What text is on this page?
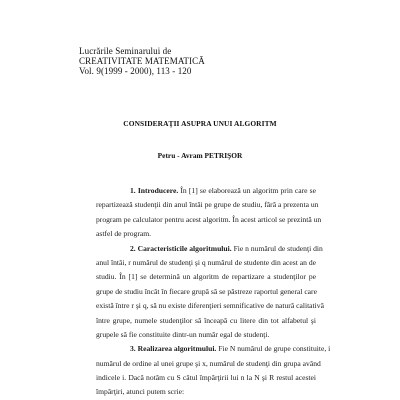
Lucrările Seminarului de
CREATIVITATE MATEMATICĂ
Vol. 9(1999 - 2000), 113 - 120
CONSIDERAŢII ASUPRA UNUI ALGORITM
Petru - Avram PETRIŞOR
1. Introducere. În [1] se elaborează un algoritm prin care se
repartizează studenţii din anul întâi pe grupe de studiu, fără a prezenta un
program pe calculator pentru acest algoritm. În acest articol se prezintă un
astfel de program.
2. Caracteristicile algoritmului. Fie n numărul de studenţi din
anul întâi, r numărul de studenţi şi q numărul de studente din acest an de
studiu. În [1] se determină un algoritm de repartizare a studenţilor pe
grupe de studiu încât în fiecare grupă să se păstreze raportul general care
există între r şi q, să nu existe diferenţieri semnificative de natură calitativă
între grupe, numele studenţilor să înceapă cu litere din tot alfabetul şi
grupele să fie constituite dintr-un număr egal de studenţi.
3. Realizarea algoritmului. Fie N numărul de grupe constituite, i
numărul de ordine al unei grupe şi x, numărul de studenţi din grupa având
indicele i. Dacă notăm cu S câtul împărţirii lui n la N şi R restul acestei
împărţiri, atunci putem scrie:
